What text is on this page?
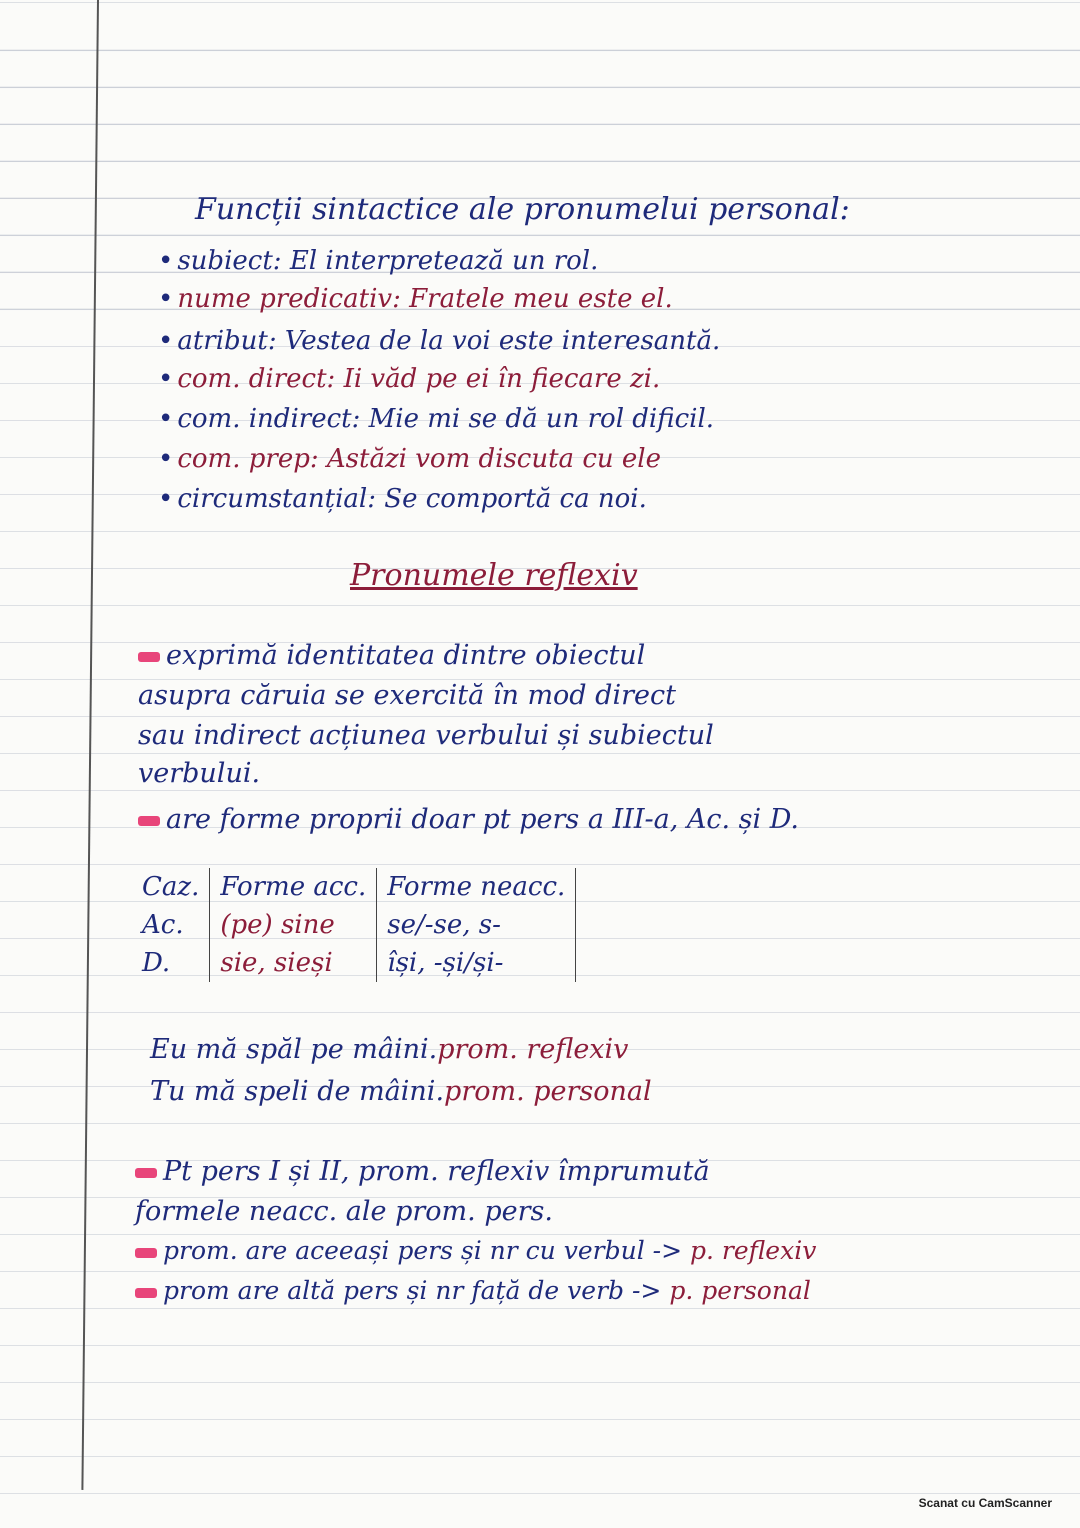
Funcții sintactice ale pronumelui personal:
• subiect: El interpretează un rol.
• nume predicativ: Fratele meu este el.
• atribut: Vestea de la voi este interesantă.
• com. direct: Ii văd pe ei în fiecare zi.
• com. indirect: Mie mi se dă un rol dificil.
• com. prep: Astăzi vom discuta cu ele
• circumstanțial: Se comportă ca noi.
Pronumele reflexiv
exprimă identitatea dintre obiectul
asupra căruia se exercită în mod direct
sau indirect acțiunea verbului și subiectul
verbului.
are forme proprii doar pt pers a III-a, Ac. și D.
Caz.	Forme acc.	Forme neacc.
Ac.	(pe) sine	se/-se, s-
D.	sie, sieși	își, -și/și-
Eu mă spăl pe mâini.prom. reflexiv
Tu mă speli de mâini.prom. personal
Pt pers I și II, prom. reflexiv împrumută
formele neacc. ale prom. pers.
prom. are aceeași pers și nr cu verbul -> p. reflexiv
prom are altă pers și nr față de verb -> p. personal
Scanat cu CamScanner
